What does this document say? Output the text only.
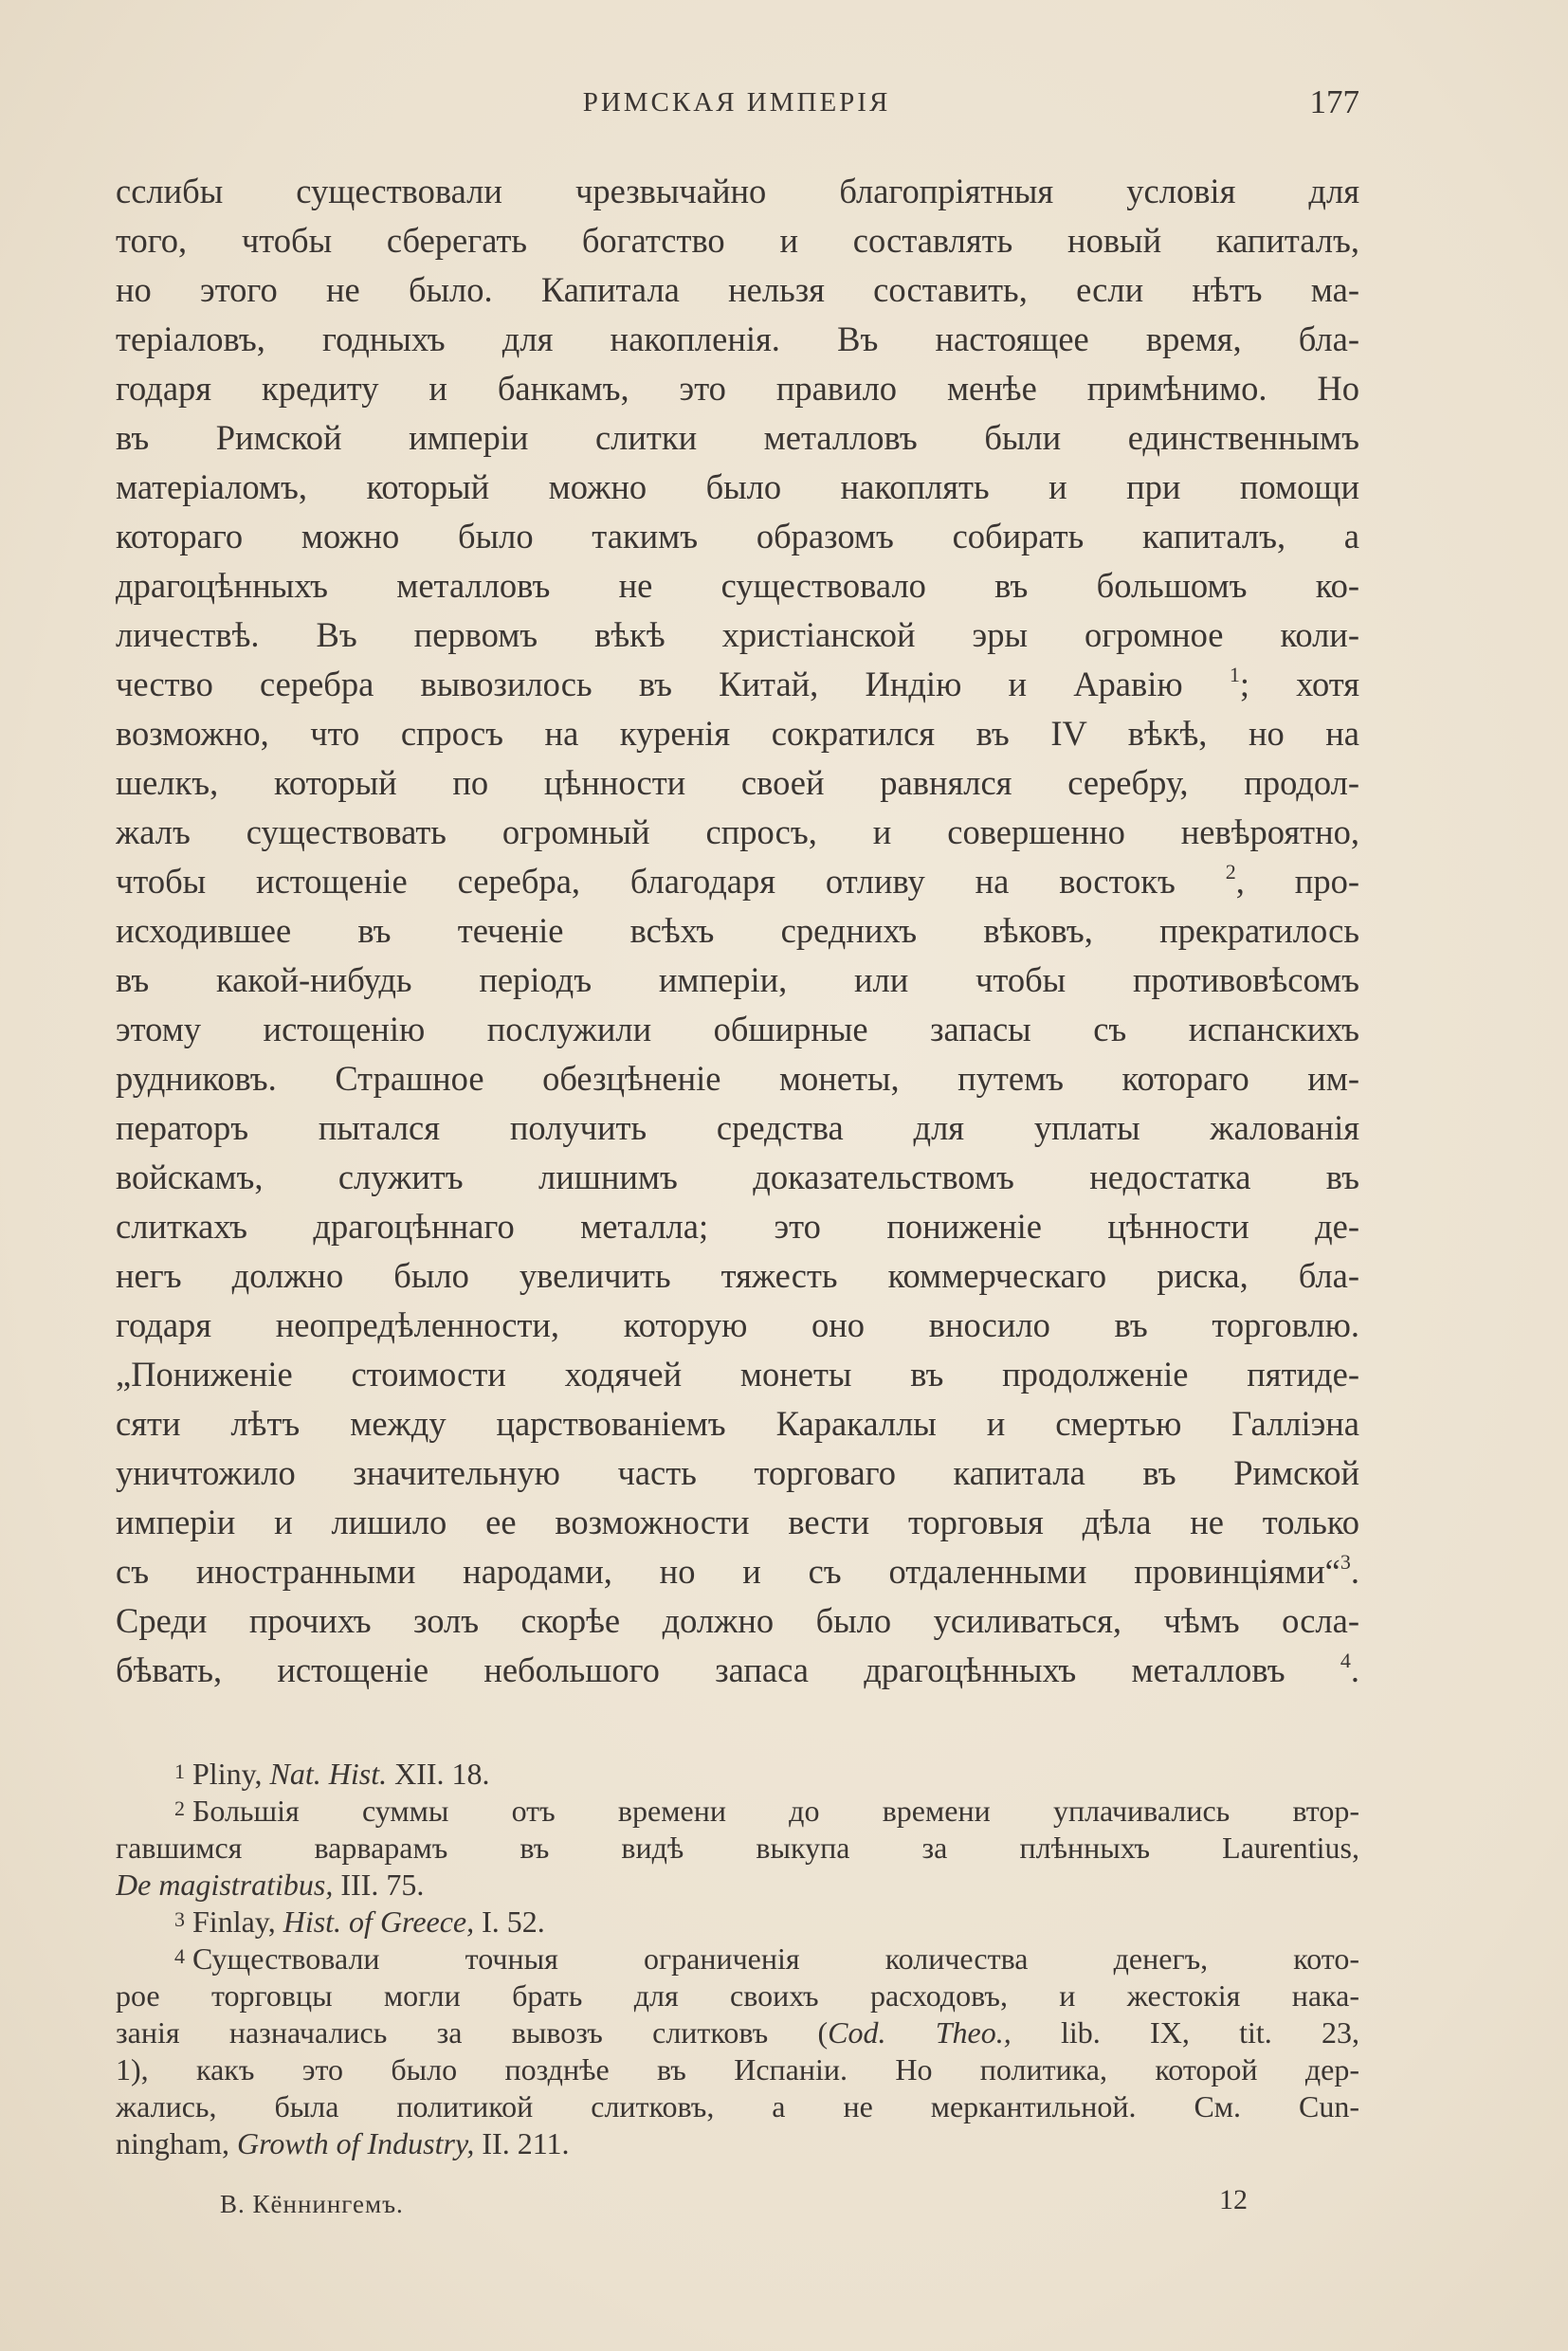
РИМСКАЯ ИМПЕРІЯ	177
сслибы существовали чрезвычайно благопріятныя условія для
того, чтобы сберегать богатство и составлять новый капиталъ,
но этого не было. Капитала нельзя составить, если нѣтъ ма-
теріаловъ, годныхъ для накопленія. Въ настоящее время, бла-
годаря кредиту и банкамъ, это правило менѣе примѣнимо. Но
въ Римской имперіи слитки металловъ были единственнымъ
матеріаломъ, который можно было накоплять и при помощи
котораго можно было такимъ образомъ собирать капиталъ, а
драгоцѣнныхъ металловъ не существовало въ большомъ ко-
личествѣ. Въ первомъ вѣкѣ христіанской эры огромное коли-
чество серебра вывозилось въ Китай, Индію и Аравію $^1$; хотя
возможно, что спросъ на куренія сократился въ IV вѣкѣ, но на
шелкъ, который по цѣнности своей равнялся серебру, продол-
жалъ существовать огромный спросъ, и совершенно невѣроятно,
чтобы истощеніе серебра, благодаря отливу на востокъ $^2$, про-
исходившее въ теченіе всѣхъ среднихъ вѣковъ, прекратилось
въ какой-нибудь періодъ имперіи, или чтобы противовѣсомъ
этому истощенію послужили обширные запасы съ испанскихъ
рудниковъ. Страшное обезцѣненіе монеты, путемъ котораго им-
ператоръ пытался получить средства для уплаты жалованія
войскамъ, служитъ лишнимъ доказательствомъ недостатка въ
слиткахъ драгоцѣннаго металла; это пониженіе цѣнности де-
негъ должно было увеличить тяжесть коммерческаго риска, бла-
годаря неопредѣленности, которую оно вносило въ торговлю.
„Пониженіе стоимости ходячей монеты въ продолженіе пятиде-
сяти лѣтъ между царствованіемъ Каракаллы и смертью Галліэна
уничтожило значительную часть торговаго капитала въ Римской
имперіи и лишило ее возможности вести торговыя дѣла не только
съ иностранными народами, но и съ отдаленными провинціями“$^3$.
Среди прочихъ золъ скорѣе должно было усиливаться, чѣмъ осла-
бѣвать, истощеніе небольшого запаса драгоцѣнныхъ металловъ	$^4$.
1 Pliny, Nat. Hist. XII. 18.
2 Большія суммы отъ времени до времени уплачивались втор-
гавшимся варварамъ въ видѣ выкупа за плѣнныхъ Laurentius,
De magistratibus, III. 75.
3 Finlay, Hist. of Greece, I. 52.
4 Существовали точныя ограниченія количества денегъ, кото-
рое торговцы могли брать для своихъ расходовъ, и жестокія нака-
занія назначались за вывозъ слитковъ (Cod. Theo., lib. IX, tit. 23,
1), какъ это было позднѣе въ Испаніи. Но политика, которой дер-
жались, была политикой слитковъ, а не меркантильной. См. Cun-
ningham, Growth of Industry, II. 211.
В. Кённингемъ.	12
